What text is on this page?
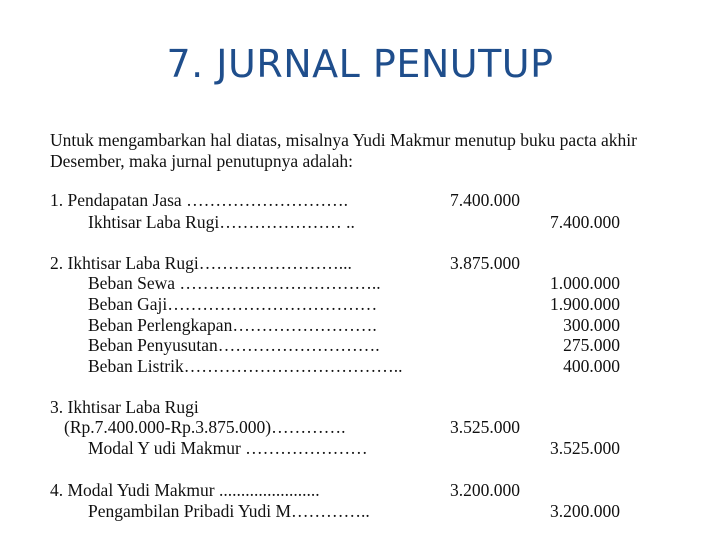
7. JURNAL PENUTUP

Untuk mengambarkan hal diatas, misalnya Yudi Makmur menutup buku pacta akhir Desember, maka jurnal penutupnya adalah:

1. Pendapatan Jasa ……………………….	7.400.000
Ikhtisar Laba Rugi………………… ..	7.400.000
2. Ikhtisar Laba Rugi……………………...	3.875.000
Beban Sewa ……………………………..	1.000.000
Beban Gaji………………………………	1.900.000
Beban Perlengkapan…………………….	300.000
Beban Penyusutan……………………….	275.000
Beban Listrik………………………………..	400.000
3. Ikhtisar Laba Rugi
(Rp.7.400.000-Rp.3.875.000)………….	3.525.000
Modal Y udi Makmur …………………	3.525.000
4. Modal Yudi Makmur .......................	3.200.000
Pengambilan Pribadi Yudi M…………..	3.200.000
